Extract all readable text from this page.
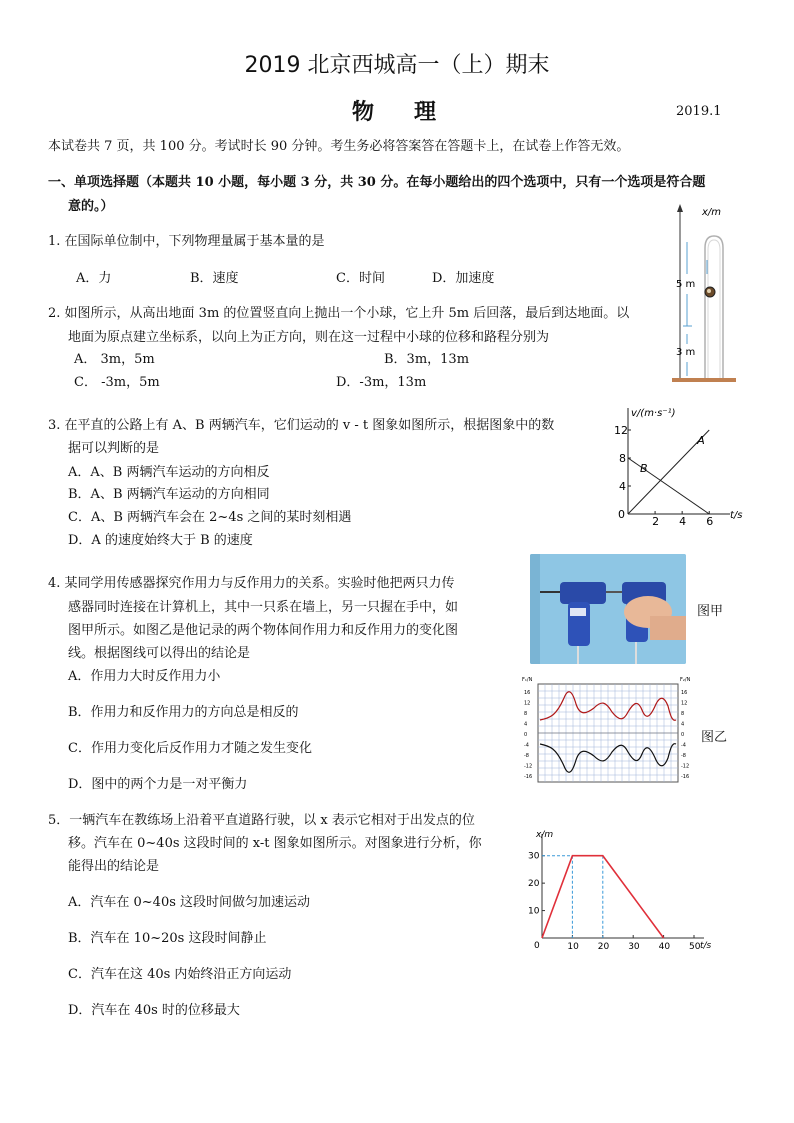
2019 北京西城高一（上）期末
物理	2019.1
本试卷共 7 页，共 100 分。考试时长 90 分钟。考生务必将答案答在答题卡上，在试卷上作答无效。
一、单项选择题（本题共 10 小题，每小题 3 分，共 30 分。在每小题给出的四个选项中，只有一个选项是符合题
意的。）
1. 在国际单位制中，下列物理量属于基本量的是
A．力	B．速度	C．时间	D．加速度
2. 如图所示，从高出地面 3m 的位置竖直向上抛出一个小球，它上升 5m 后回落，最后到达地面。以
地面为原点建立坐标系，以向上为正方向，则在这一过程中小球的位移和路程分别为
A． 3m，5m	B．3m，13m
C． -3m，5m	D．-3m，13m
x/m
5 m
3 m
3. 在平直的公路上有 A、B 两辆汽车，它们运动的 v - t 图象如图所示，根据图象中的数
据可以判断的是
A．A、B 两辆汽车运动的方向相反
B．A、B 两辆汽车运动的方向相同
C．A、B 两辆汽车会在 2~4s 之间的某时刻相遇
D．A 的速度始终大于 B 的速度
v/(m·s⁻¹)
t/s
0
2 4 6
4
8
12
A
B
4. 某同学用传感器探究作用力与反作用力的关系。实验时他把两只力传
感器同时连接在计算机上，其中一只系在墙上，另一只握在手中，如
图甲所示。如图乙是他记录的两个物体间作用力和反作用力的变化图
线。根据图线可以得出的结论是
A．作用力大时反作用力小
B．作用力和反作用力的方向总是相反的
C．作用力变化后反作用力才随之发生变化
D．图中的两个力是一对平衡力
图甲
F₁/N	F₂/N
16
12
8
4
0
-4
-8
-12
-16
16
12
8
4
0
-4
-8
-12
-16
图乙
5．一辆汽车在教练场上沿着平直道路行驶，以 x 表示它相对于出发点的位
移。汽车在 0~40s 这段时间的 x-t 图象如图所示。对图象进行分析，你
能得出的结论是
A．汽车在 0~40s 这段时间做匀加速运动
B．汽车在 10~20s 这段时间静止
C．汽车在这 40s 内始终沿正方向运动
D．汽车在 40s 时的位移最大
x/m
t/s
0	10 20 30 40 50
10
20
30
